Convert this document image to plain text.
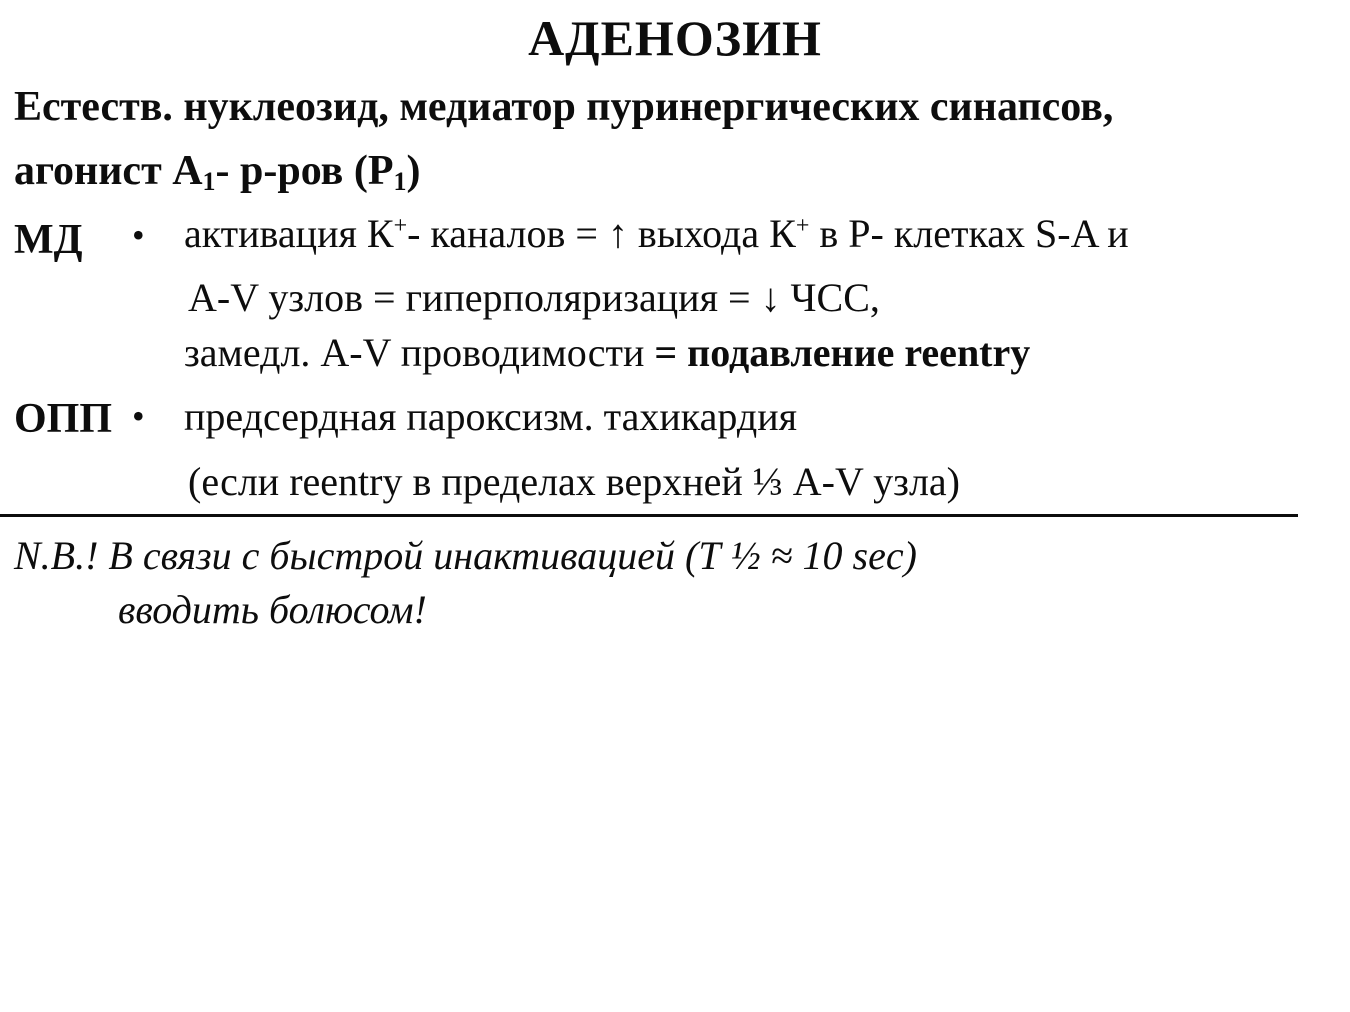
АДЕНОЗИН
Естеств. нуклеозид, медиатор пуринергических синапсов,
агонист $А_1-$ р-ров $(Р_1)$
МД • активация К+- каналов = ↑ выхода К+ в Р- клетках S-A и
A-V узлов = гиперполяризация = ↓ ЧСС,
замедл. A-V проводимости = подавление reentry
ОПП • предсердная пароксизм. тахикардия
(если reentry в пределах верхней ⅓ A-V узла)
N.B.! В связи с быстрой инактивацией (Т ½ ≈ 10 sec)
вводить болюсом!
